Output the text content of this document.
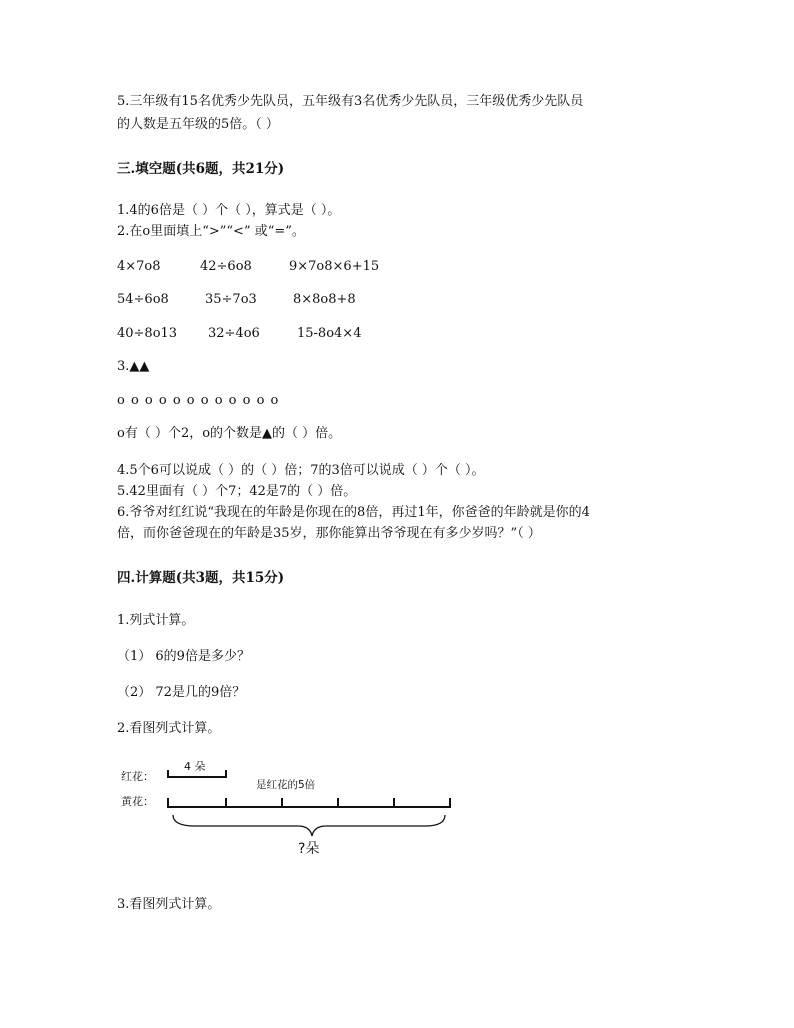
5.三年级有15名优秀少先队员，五年级有3名优秀少先队员，三年级优秀少先队员
的人数是五年级的5倍。（ ）
三.填空题(共6题，共21分)
1.4的6倍是（ ）个（ ），算式是（ ）。
2.在o里面填上“>”“<” 或“=”。
4×7o8	42÷6o8	9×7o8×6+15
54÷6o8	35÷7o3	8×8o8+8
40÷8o13 32÷4o6	15-8o4×4
3.▲▲
o o o o o o o o o o o o
o有（ ）个2，o的个数是▲的（ ）倍。
4.5个6可以说成（ ）的（ ）倍；7的3倍可以说成（ ）个（ ）。
5.42里面有（ ）个7；42是7的（ ）倍。
6.爷爷对红红说“我现在的年龄是你现在的8倍，再过1年，你爸爸的年龄就是你的4
倍，而你爸爸现在的年龄是35岁，那你能算出爷爷现在有多少岁吗？”（ ）
四.计算题(共3题，共15分)
1.列式计算。
（1） 6的9倍是多少？
（2） 72是几的9倍？
2.看图列式计算。
红花：
4 朵
是红花的5倍
黄花：
?朵
3.看图列式计算。
